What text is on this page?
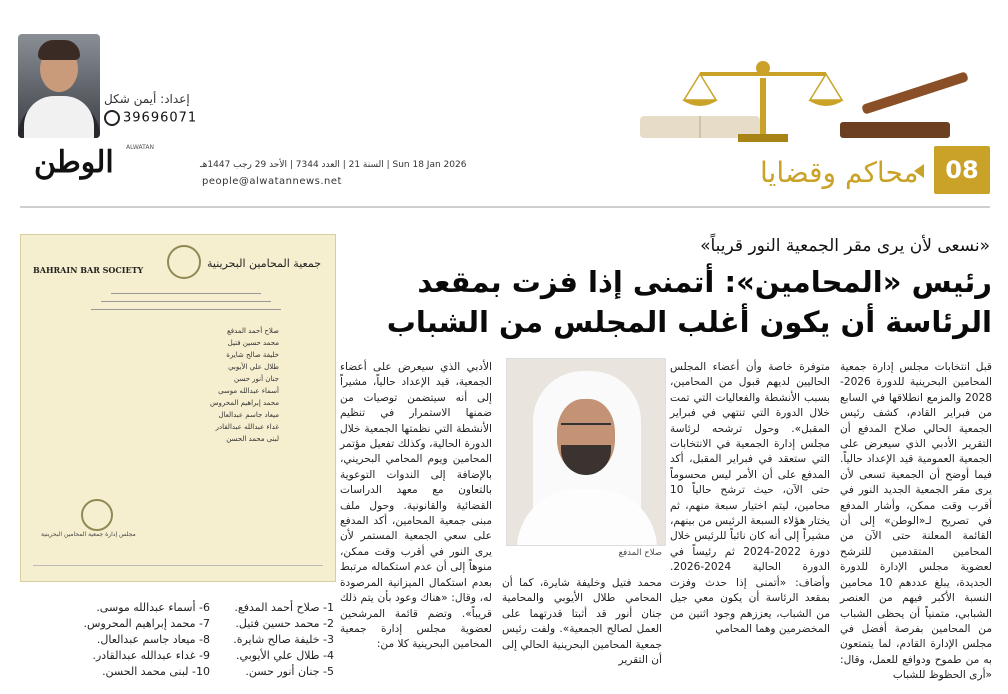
إعداد: أيمن شكل
39696071
الوطن ALWATAN
السنة 21 | العدد 7344 | الأحد 29 رجب 1447هـ | Sun 18 Jan 2026
people@alwatannews.net	08
محاكم وقضايا
BAHRAIN BAR SOCIETY	جمعية المحامين البحرينية
صلاح أحمد المدفع
محمد حسين فتيل
خليفة صالح شايرة
طلال علي الأيوبي
جنان أنور حسن
أسماء عبدالله موسى
محمد إبراهيم المحروس
ميعاد جاسم عبدالعال
غداء عبدالله عبدالقادر
لبنى محمد الحسن
مجلس إدارة جمعية المحامين البحرينية
«نسعى لأن يرى مقر الجمعية النور قريباً»
رئيس «المحامين»: أتمنى إذا فزت بمقعد الرئاسة أن يكون أغلب المجلس من الشباب
قبل انتخابات مجلس إدارة جمعية المحامين البحرينية للدورة 2026-2028 والمزمع انطلاقها في السابع من فبراير القادم، كشف رئيس الجمعية الحالي صلاح المدفع أن التقرير الأدبي الذي سيعرض على الجمعية العمومية قيد الإعداد حالياً. فيما أوضح أن الجمعية تسعى لأن يرى مقر الجمعية الجديد النور في أقرب وقت ممكن، وأشار المدفع في تصريح لـ«الوطن» إلى أن القائمة المعلنة حتى الآن من المحامين المتقدمين للترشح لعضوية مجلس الإدارة للدورة الجديدة، يبلغ عددهم 10 محامين النسبة الأكبر فيهم من العنصر الشبابي، متمنياً أن يحظى الشباب من المحامين بفرصة أفضل في مجلس الإدارة القادم، لما يتمتعون به من طموح ودوافع للعمل، وقال: «أرى الحظوظ للشباب
متوفرة خاصة وأن أعضاء المجلس الحاليين لديهم قبول من المحامين، بسبب الأنشطة والفعاليات التي تمت خلال الدورة التي تنتهي في فبراير المقبل». وحول ترشحه لرئاسة مجلس إدارة الجمعية في الانتخابات التي ستعقد في فبراير المقبل، أكد المدفع على أن الأمر ليس محسوماً حتى الآن، حيث ترشح حالياً 10 محامين، ليتم اختيار سبعة منهم، ثم يختار هؤلاء السبعة الرئيس من بينهم، مشيراً إلى أنه كان نائباً للرئيس خلال دورة 2022-2024 ثم رئيساً في الدورة الحالية 2024-2026. وأضاف: «أتمنى إذا حدث وفزت بمقعد الرئاسة أن يكون معي جيل من الشباب، يعززهم وجود اثنين من المخضرمين وهما المحامي
صلاح المدفع
محمد فتيل وخليفة شايرة، كما أن المحامي طلال الأيوبي والمحامية جنان أنور قد أثبتا قدرتهما على العمل لصالح الجمعية». ولفت رئيس جمعية المحامين البحرينية الحالي إلى أن التقرير
الأدبي الذي سيعرض على أعضاء الجمعية، قيد الإعداد حالياً، مشيراً إلى أنه سيتضمن توصيات من ضمنها الاستمرار في تنظيم الأنشطة التي نظمتها الجمعية خلال الدورة الحالية، وكذلك تفعيل مؤتمر المحامين ويوم المحامي البحريني، بالإضافة إلى الندوات التوعوية بالتعاون مع معهد الدراسات القضائية والقانونية. وحول ملف مبنى جمعية المحامين، أكد المدفع على سعي الجمعية المستمر لأن يرى النور في أقرب وقت ممكن، منوهاً إلى أن عدم استكماله مرتبط بعدم استكمال الميزانية المرصودة له، وقال: «هناك وعود بأن يتم ذلك قريباً». وتضم قائمة المرشحين لعضوية مجلس إدارة جمعية المحامين البحرينية كلا من:
1- صلاح أحمد المدفع.
2- محمد حسين فتيل.
3- خليفة صالح شايرة.
4- طلال علي الأيوبي.
5- جنان أنور حسن.
6- أسماء عبدالله موسى.
7- محمد إبراهيم المحروس.
8- ميعاد جاسم عبدالعال.
9- غداء عبدالله عبدالقادر.
10- لبنى محمد الحسن.
